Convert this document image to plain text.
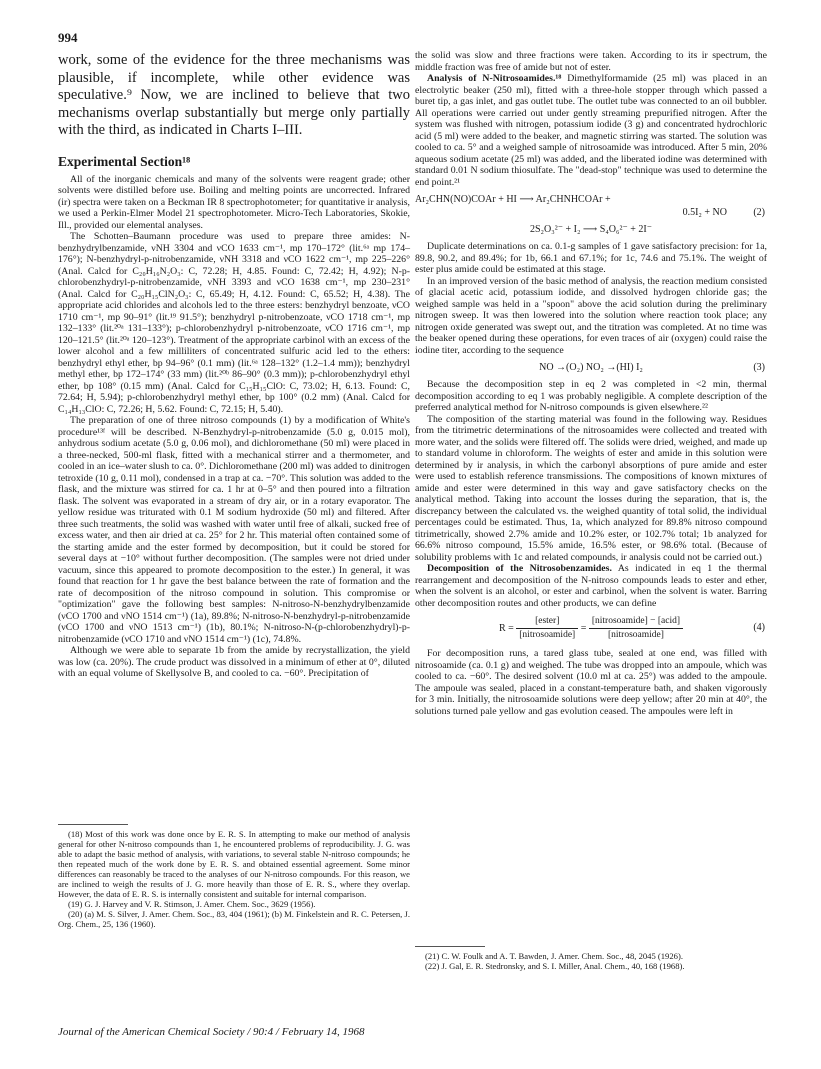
994

work, some of the evidence for the three mechanisms was plausible, if incomplete, while other evidence was speculative.⁹ Now, we are inclined to believe that two mechanisms overlap substantially but merge only partially with the third, as indicated in Charts I–III.

Experimental Section¹⁸

All of the inorganic chemicals and many of the solvents were reagent grade; other solvents were distilled before use. Boiling and melting points are uncorrected. Infrared (ir) spectra were taken on a Beckman IR 8 spectrophotometer; for quantitative ir analysis, we used a Perkin-Elmer Model 21 spectrophotometer. Micro-Tech Laboratories, Skokie, Ill., provided our elemental analyses.

The Schotten–Baumann procedure was used to prepare three amides: N-benzhydrylbenzamide, νNH 3304 and νCO 1633 cm⁻¹, mp 170–172° (lit.⁶ᵃ mp 174–176°); N-benzhydryl-p-nitrobenzamide, νNH 3318 and νCO 1622 cm⁻¹, mp 225–226° (Anal. Calcd for C₂₀H₁₆N₂O₃: C, 72.28; H, 4.85. Found: C, 72.42; H, 4.92); N-p-chlorobenzhydryl-p-nitrobenzamide, νNH 3393 and νCO 1638 cm⁻¹, mp 230–231° (Anal. Calcd for C₂₀H₁₅ClN₂O₃: C, 65.49; H, 4.12. Found: C, 65.52; H, 4.38). The appropriate acid chlorides and alcohols led to the three esters: benzhydryl benzoate, νCO 1710 cm⁻¹, mp 90–91° (lit.¹⁹ 91.5°); benzhydryl p-nitrobenzoate, νCO 1718 cm⁻¹, mp 132–133° (lit.²⁰ᵃ 131–133°); p-chlorobenzhydryl p-nitrobenzoate, νCO 1716 cm⁻¹, mp 120–121.5° (lit.²⁰ᵃ 120–123°). Treatment of the appropriate carbinol with an excess of the lower alcohol and a few milliliters of concentrated sulfuric acid led to the ethers: benzhydryl ethyl ether, bp 94–96° (0.1 mm) (lit.⁶ᵃ 128–132° (1.2–1.4 mm)); benzhydryl methyl ether, bp 172–174° (33 mm) (lit.²⁰ᵇ 86–90° (0.3 mm)); p-chlorobenzhydryl ethyl ether, bp 108° (0.15 mm) (Anal. Calcd for C₁₅H₁₅ClO: C, 73.02; H, 6.13. Found: C, 72.64; H, 5.94); p-chlorobenzhydryl methyl ether, bp 100° (0.2 mm) (Anal. Calcd for C₁₄H₁₃ClO: C, 72.26; H, 5.62. Found: C, 72.15; H, 5.40).

The preparation of one of three nitroso compounds (1) by a modification of White's procedure¹³ᶠ will be described. N-Benzhydryl-p-nitrobenzamide (5.0 g, 0.015 mol), anhydrous sodium acetate (5.0 g, 0.06 mol), and dichloromethane (50 ml) were placed in a three-necked, 500-ml flask, fitted with a mechanical stirrer and a thermometer, and cooled in an ice–water slush to ca. 0°. Dichloromethane (200 ml) was added to dinitrogen tetroxide (10 g, 0.11 mol), condensed in a trap at ca. −70°. This solution was added to the flask, and the mixture was stirred for ca. 1 hr at 0–5° and then poured into a filtration flask. The solvent was evaporated in a stream of dry air, or in a rotary evaporator. The yellow residue was triturated with 0.1 M sodium hydroxide (50 ml) and filtered. After three such treatments, the solid was washed with water until free of alkali, sucked free of excess water, and then air dried at ca. 25° for 2 hr. This material often contained some of the starting amide and the ester formed by decomposition, but it could be stored for several days at −10° without further decomposition. (The samples were not dried under vacuum, since this appeared to promote decomposition to the ester.) In general, it was found that reaction for 1 hr gave the best balance between the rate of formation and the rate of decomposition of the nitroso compound in solution. This compromise or "optimization" gave the following best samples: N-nitroso-N-benzhydrylbenzamide (νCO 1700 and νNO 1514 cm⁻¹) (1a), 89.8%; N-nitroso-N-benzhydryl-p-nitrobenzamide (νCO 1700 and νNO 1513 cm⁻¹) (1b), 80.1%; N-nitroso-N-(p-chlorobenzhydryl)-p-nitrobenzamide (νCO 1710 and νNO 1514 cm⁻¹) (1c), 74.8%.

Although we were able to separate 1b from the amide by recrystallization, the yield was low (ca. 20%). The crude product was dissolved in a minimum of ether at 0°, diluted with an equal volume of Skellysolve B, and cooled to ca. −60°. Precipitation of

the solid was slow and three fractions were taken. According to its ir spectrum, the middle fraction was free of amide but not of ester.

Analysis of N-Nitrosoamides.¹⁸ Dimethylformamide (25 ml) was placed in an electrolytic beaker (250 ml), fitted with a three-hole stopper through which passed a buret tip, a gas inlet, and gas outlet tube. The outlet tube was connected to an oil bubbler. All operations were carried out under gently streaming prepurified nitrogen. After the system was flushed with nitrogen, potassium iodide (3 g) and concentrated hydrochloric acid (5 ml) were added to the beaker, and magnetic stirring was started. The solution was cooled to ca. 5° and a weighed sample of nitrosoamide was introduced. After 5 min, 20% aqueous sodium acetate (25 ml) was added, and the liberated iodine was determined with standard 0.01 N sodium thiosulfate. The "dead-stop" technique was used to determine the end point.²¹

Ar₂CHN(NO)COAr + HI ⟶ Ar₂CHNHCOAr +
0.5I₂ + NO	(2)
2S₂O₃²⁻ + I₂ ⟶ S₄O₆²⁻ + 2I⁻

Duplicate determinations on ca. 0.1-g samples of 1 gave satisfactory precision: for 1a, 89.8, 90.2, and 89.4%; for 1b, 66.1 and 67.1%; for 1c, 74.6 and 75.1%. The weight of ester plus amide could be estimated at this stage.

In an improved version of the basic method of analysis, the reaction medium consisted of glacial acetic acid, potassium iodide, and dissolved hydrogen chloride gas; the weighed sample was held in a "spoon" above the acid solution during the preliminary nitrogen sweep. It was then lowered into the solution where reaction took place; any nitrogen oxide generated was swept out, and the titration was completed. At no time was the beaker opened during these operations, for even traces of air (oxygen) could raise the iodine titer, according to the sequence

NO →(O₂) NO₂ →(HI) I₂	(3)

Because the decomposition step in eq 2 was completed in <2 min, thermal decomposition according to eq 1 was probably negligible. A complete description of the preferred analytical method for N-nitroso compounds is given elsewhere.²²

The composition of the starting material was found in the following way. Residues from the titrimetric determinations of the nitrosoamides were collected and treated with more water, and the solids were filtered off. The solids were dried, weighed, and made up to standard volume in chloroform. The weights of ester and amide in this solution were determined by ir analysis, in which the carbonyl absorptions of pure amide and ester were used to establish reference transmissions. The compositions of known mixtures of amide and ester were determined in this way and gave satisfactory checks on the analytical method. Taking into account the losses during the separation, that is, the discrepancy between the calculated vs. the weighed quantity of total solid, the individual percentages could be estimated. Thus, 1a, which analyzed for 89.8% nitroso compound titrimetrically, showed 2.7% amide and 10.2% ester, or 102.7% total; 1b analyzed for 66.6% nitroso compound, 15.5% amide, 16.5% ester, or 98.6% total. (Because of solubility problems with 1c and related compounds, ir analysis could not be carried out.)

Decomposition of the Nitrosobenzamides. As indicated in eq 1 the thermal rearrangement and decomposition of the N-nitroso compounds leads to ester and ether, when the solvent is an alcohol, or ester and carbinol, when the solvent is water. Barring other decomposition routes and other products, we can define

$R = \frac{\text{[ester]}}{\text{[nitrosoamide]}} = \frac{\text{[nitrosoamide] − [acid]}}{\text{[nitrosoamide]}}$	(4)

For decomposition runs, a tared glass tube, sealed at one end, was filled with nitrosoamide (ca. 0.1 g) and weighed. The tube was dropped into an ampoule, which was cooled to ca. −60°. The desired solvent (10.0 ml at ca. 25°) was added to the ampoule. The ampoule was sealed, placed in a constant-temperature bath, and shaken vigorously for 3 min. Initially, the nitrosoamide solutions were deep yellow; after 20 min at 40°, the solutions turned pale yellow and gas evolution ceased. The ampoules were left in

(18) Most of this work was done once by E. R. S. In attempting to make our method of analysis general for other N-nitroso compounds than 1, he encountered problems of reproducibility. J. G. was able to adapt the basic method of analysis, with variations, to several stable N-nitroso compounds; he then repeated much of the work done by E. R. S. and obtained essential agreement. Some minor differences can reasonably be traced to the analyses of our N-nitroso compounds. For this reason, we are inclined to weigh the results of J. G. more heavily than those of E. R. S., where they overlap. However, the data of E. R. S. is internally consistent and suitable for internal comparison.

(19) G. J. Harvey and V. R. Stimson, J. Amer. Chem. Soc., 3629 (1956).

(20) (a) M. S. Silver, J. Amer. Chem. Soc., 83, 404 (1961); (b) M. Finkelstein and R. C. Petersen, J. Org. Chem., 25, 136 (1960).

(21) C. W. Foulk and A. T. Bawden, J. Amer. Chem. Soc., 48, 2045 (1926).

(22) J. Gal, E. R. Stedronsky, and S. I. Miller, Anal. Chem., 40, 168 (1968).

Journal of the American Chemical Society / 90:4 / February 14, 1968
